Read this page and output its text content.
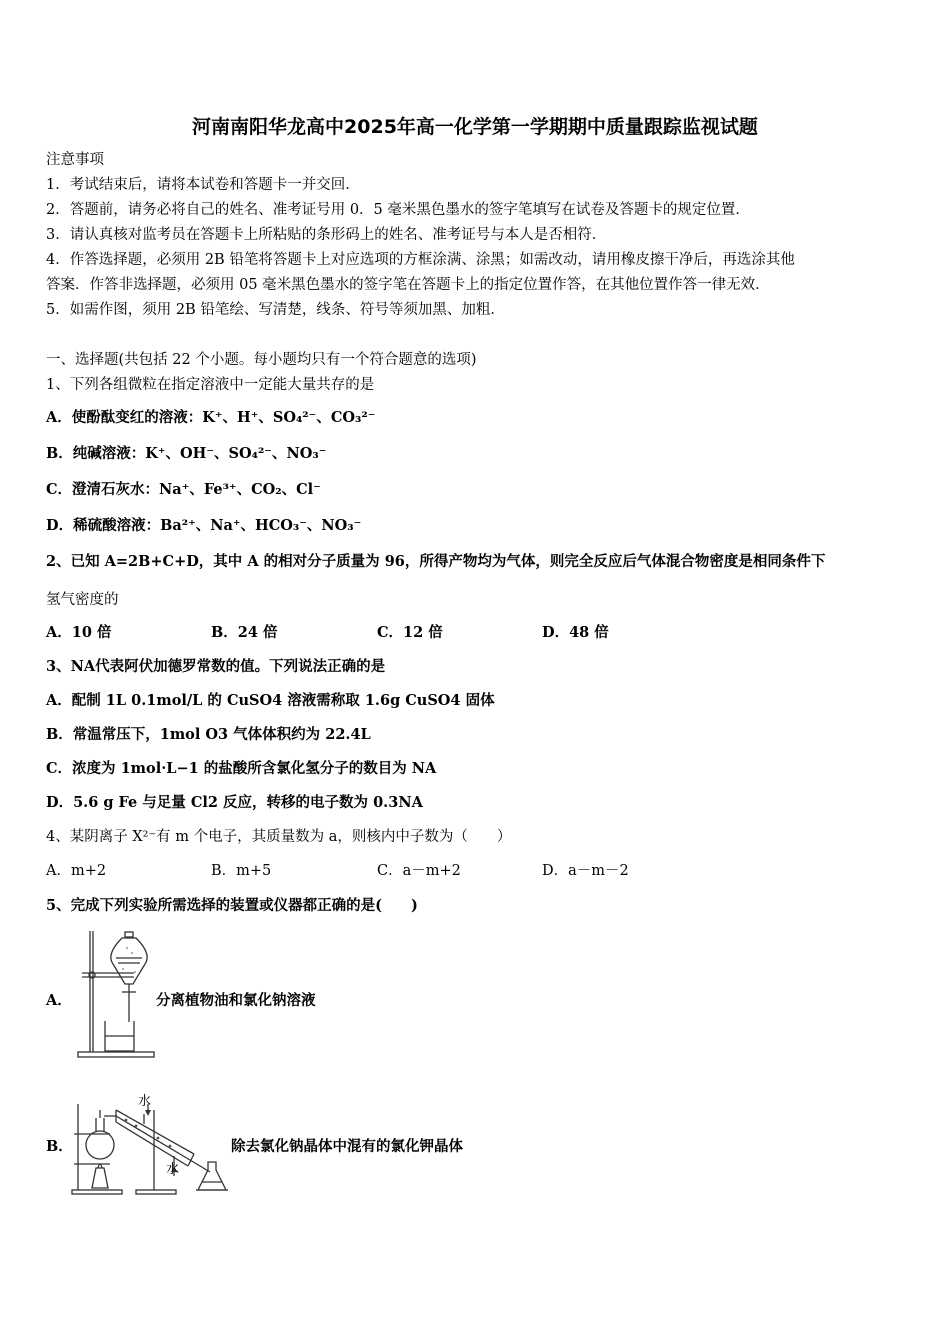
河南南阳华龙高中2025年高一化学第一学期期中质量跟踪监视试题
注意事项
1．考试结束后，请将本试卷和答题卡一并交回．
2．答题前，请务必将自己的姓名、准考证号用 0．5 毫米黑色墨水的签字笔填写在试卷及答题卡的规定位置．
3．请认真核对监考员在答题卡上所粘贴的条形码上的姓名、准考证号与本人是否相符．
4．作答选择题，必须用 2B 铅笔将答题卡上对应选项的方框涂满、涂黑；如需改动，请用橡皮擦干净后，再选涂其他
答案．作答非选择题，必须用 05 毫米黑色墨水的签字笔在答题卡上的指定位置作答，在其他位置作答一律无效．
5．如需作图，须用 2B 铅笔绘、写清楚，线条、符号等须加黑、加粗．
一、选择题(共包括 22 个小题。每小题均只有一个符合题意的选项)
1、下列各组微粒在指定溶液中一定能大量共存的是
A．使酚酞变红的溶液：K⁺、H⁺、SO₄²⁻、CO₃²⁻
B．纯碱溶液：K⁺、OH⁻、SO₄²⁻、NO₃⁻
C．澄清石灰水：Na⁺、Fe³⁺、CO₂、Cl⁻
D．稀硫酸溶液：Ba²⁺、Na⁺、HCO₃⁻、NO₃⁻
2、已知 A=2B+C+D，其中 A 的相对分子质量为 96，所得产物均为气体，则完全反应后气体混合物密度是相同条件下
氢气密度的
A．10 倍	B．24 倍	C．12 倍	D．48 倍
3、NA代表阿伏加德罗常数的值。下列说法正确的是
A．配制 1L 0.1mol/L 的 CuSO4 溶液需称取 1.6g CuSO4 固体
B．常温常压下，1mol O3 气体体积约为 22.4L
C．浓度为 1mol·L−1 的盐酸所含氯化氢分子的数目为 NA
D．5.6 g Fe 与足量 Cl2 反应，转移的电子数为 0.3NA
4、某阴离子 X²⁻有 m 个电子，其质量数为 a，则核内中子数为（　　）
A．m+2	B．m+5	C．a－m+2	D．a－m－2
5、完成下列实验所需选择的装置或仪器都正确的是(　　)
A．	分离植物油和氯化钠溶液
B．
水
水
除去氯化钠晶体中混有的氯化钾晶体
